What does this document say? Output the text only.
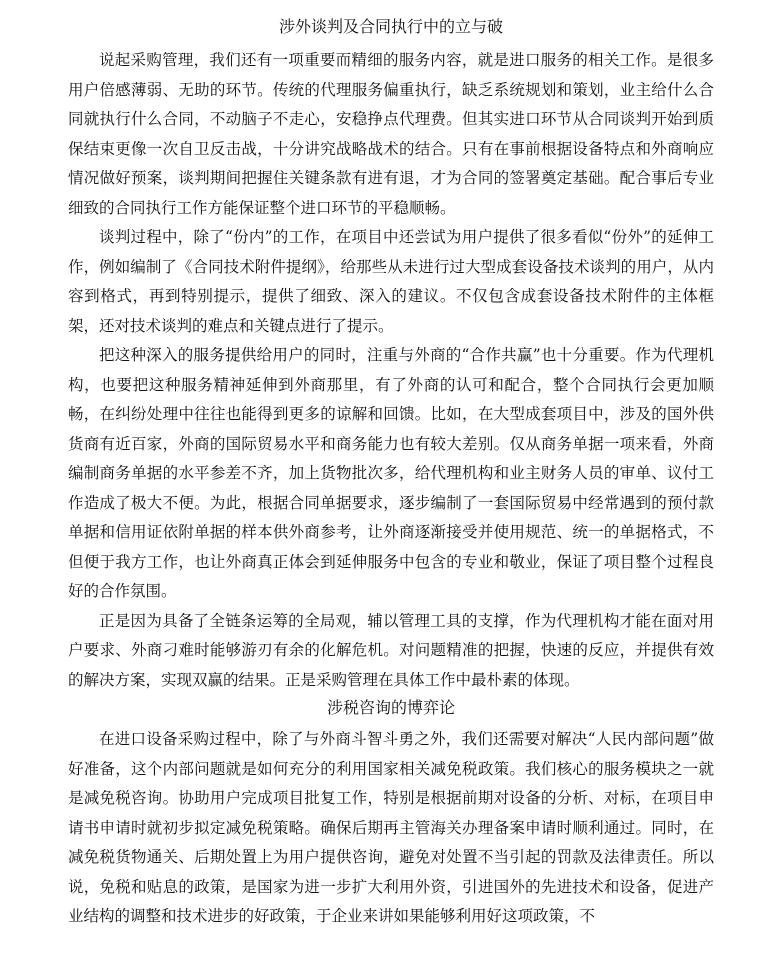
涉外谈判及合同执行中的立与破

说起采购管理，我们还有一项重要而精细的服务内容，就是进口服务的相关工作。是很多用户倍感薄弱、无助的环节。传统的代理服务偏重执行，缺乏系统规划和策划，业主给什么合同就执行什么合同，不动脑子不走心，安稳挣点代理费。但其实进口环节从合同谈判开始到质保结束更像一次自卫反击战，十分讲究战略战术的结合。只有在事前根据设备特点和外商响应情况做好预案，谈判期间把握住关键条款有进有退，才为合同的签署奠定基础。配合事后专业细致的合同执行工作方能保证整个进口环节的平稳顺畅。

谈判过程中，除了“份内”的工作，在项目中还尝试为用户提供了很多看似“份外”的延伸工作，例如编制了《合同技术附件提纲》，给那些从未进行过大型成套设备技术谈判的用户，从内容到格式，再到特别提示，提供了细致、深入的建议。不仅包含成套设备技术附件的主体框架，还对技术谈判的难点和关键点进行了提示。

把这种深入的服务提供给用户的同时，注重与外商的“合作共赢”也十分重要。作为代理机构，也要把这种服务精神延伸到外商那里，有了外商的认可和配合，整个合同执行会更加顺畅，在纠纷处理中往往也能得到更多的谅解和回馈。比如，在大型成套项目中，涉及的国外供货商有近百家，外商的国际贸易水平和商务能力也有较大差别。仅从商务单据一项来看，外商编制商务单据的水平参差不齐，加上货物批次多，给代理机构和业主财务人员的审单、议付工作造成了极大不便。为此，根据合同单据要求，逐步编制了一套国际贸易中经常遇到的预付款单据和信用证依附单据的样本供外商参考，让外商逐渐接受并使用规范、统一的单据格式，不但便于我方工作，也让外商真正体会到延伸服务中包含的专业和敬业，保证了项目整个过程良好的合作氛围。

正是因为具备了全链条运筹的全局观，辅以管理工具的支撑，作为代理机构才能在面对用户要求、外商刁难时能够游刃有余的化解危机。对问题精准的把握，快速的反应，并提供有效的解决方案，实现双赢的结果。正是采购管理在具体工作中最朴素的体现。

涉税咨询的博弈论

在进口设备采购过程中，除了与外商斗智斗勇之外，我们还需要对解决“人民内部问题”做好准备，这个内部问题就是如何充分的利用国家相关减免税政策。我们核心的服务模块之一就是减免税咨询。协助用户完成项目批复工作，特别是根据前期对设备的分析、对标，在项目申请书申请时就初步拟定减免税策略。确保后期再主管海关办理备案申请时顺利通过。同时，在减免税货物通关、后期处置上为用户提供咨询，避免对处置不当引起的罚款及法律责任。所以说，免税和贴息的政策，是国家为进一步扩大利用外资，引进国外的先进技术和设备，促进产业结构的调整和技术进步的好政策，于企业来讲如果能够利用好这项政策，不
